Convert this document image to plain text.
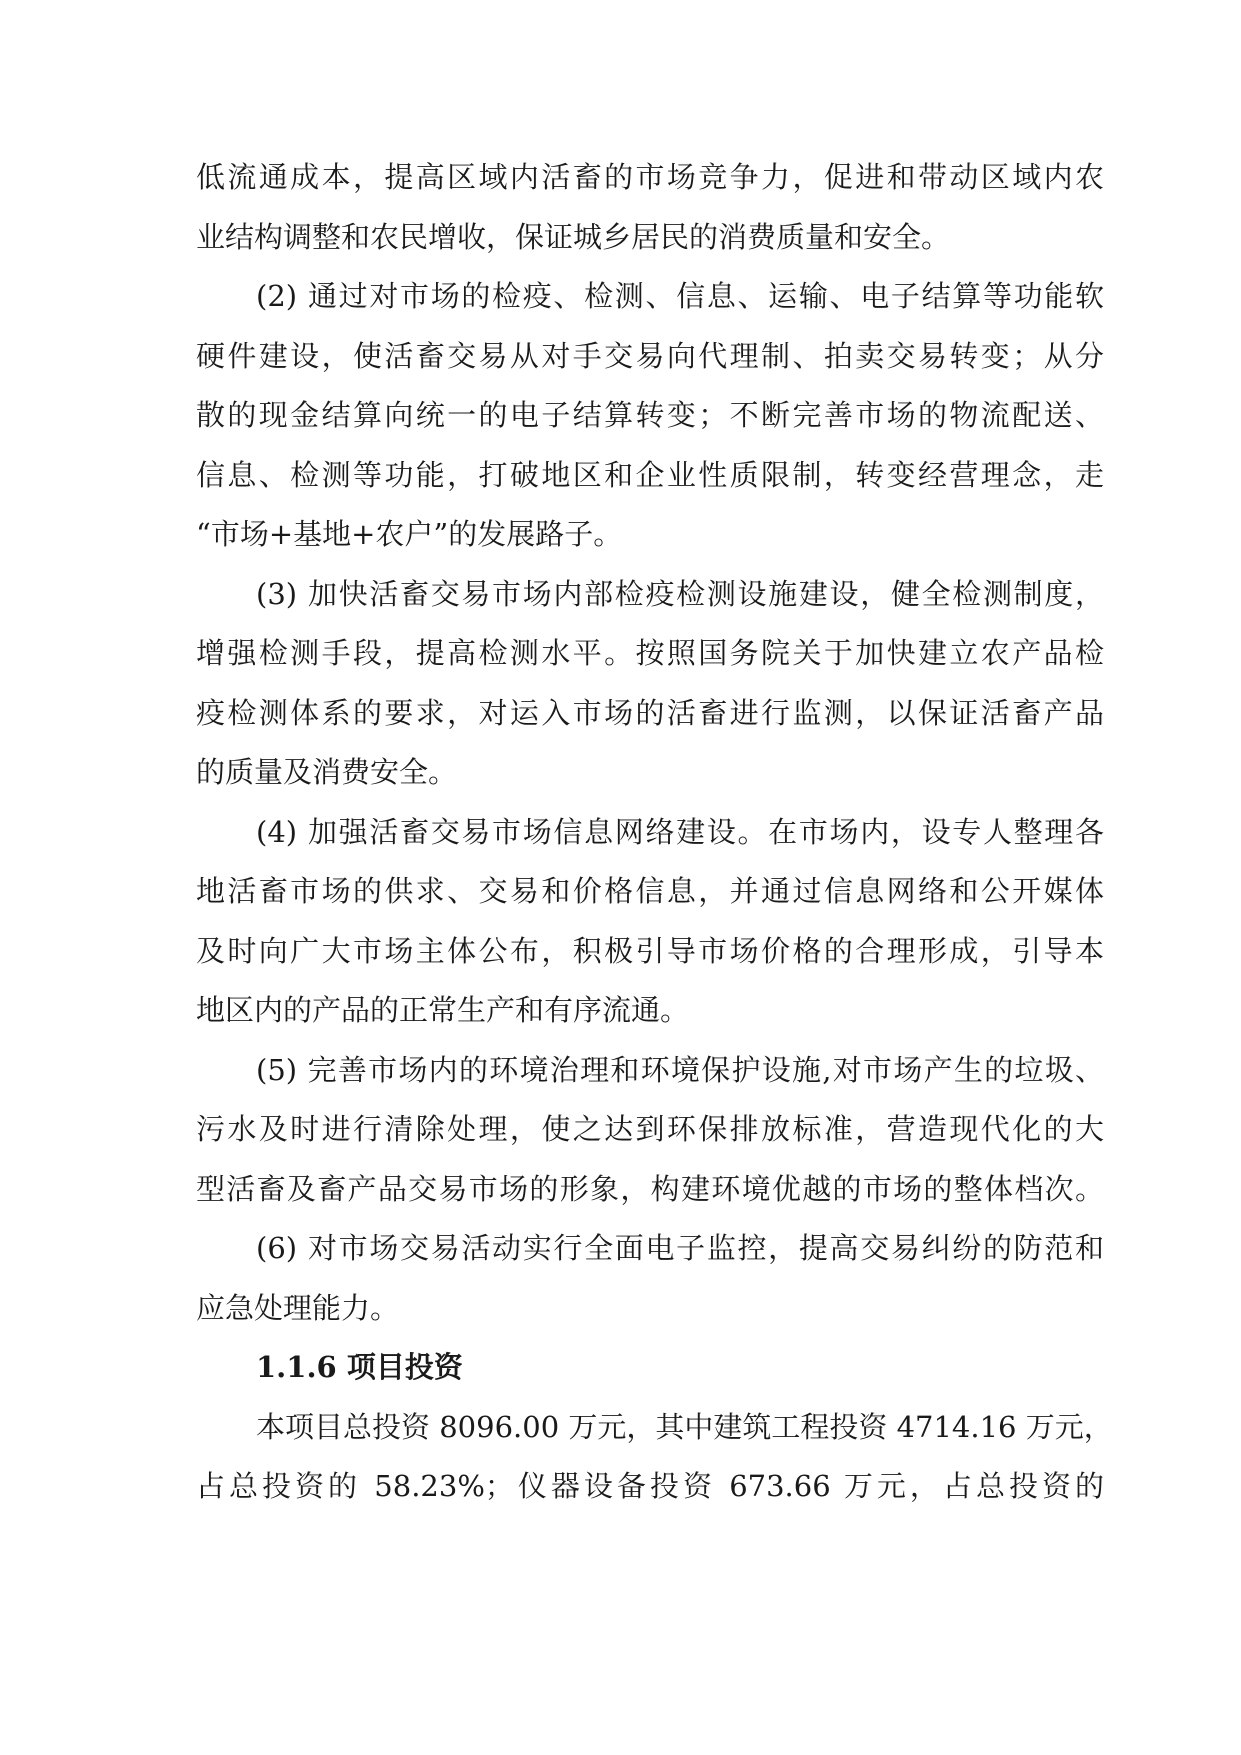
低流通成本，提高区域内活畜的市场竞争力，促进和带动区域内农
业结构调整和农民增收，保证城乡居民的消费质量和安全。
(2) 通过对市场的检疫、检测、信息、运输、电子结算等功能软
硬件建设，使活畜交易从对手交易向代理制、拍卖交易转变；从分
散的现金结算向统一的电子结算转变；不断完善市场的物流配送、
信息、检测等功能，打破地区和企业性质限制，转变经营理念，走
“市场+基地+农户”的发展路子。
(3) 加快活畜交易市场内部检疫检测设施建设，健全检测制度，
增强检测手段，提高检测水平。按照国务院关于加快建立农产品检
疫检测体系的要求，对运入市场的活畜进行监测，以保证活畜产品
的质量及消费安全。
(4) 加强活畜交易市场信息网络建设。在市场内，设专人整理各
地活畜市场的供求、交易和价格信息，并通过信息网络和公开媒体
及时向广大市场主体公布，积极引导市场价格的合理形成，引导本
地区内的产品的正常生产和有序流通。
(5) 完善市场内的环境治理和环境保护设施,对市场产生的垃圾、
污水及时进行清除处理，使之达到环保排放标准，营造现代化的大
型活畜及畜产品交易市场的形象，构建环境优越的市场的整体档次。
(6) 对市场交易活动实行全面电子监控，提高交易纠纷的防范和
应急处理能力。
1.1.6 项目投资
本项目总投资 8096.00 万元，其中建筑工程投资 4714.16 万元，
占总投资的 58.23%；仪器设备投资 673.66 万元，占总投资的
